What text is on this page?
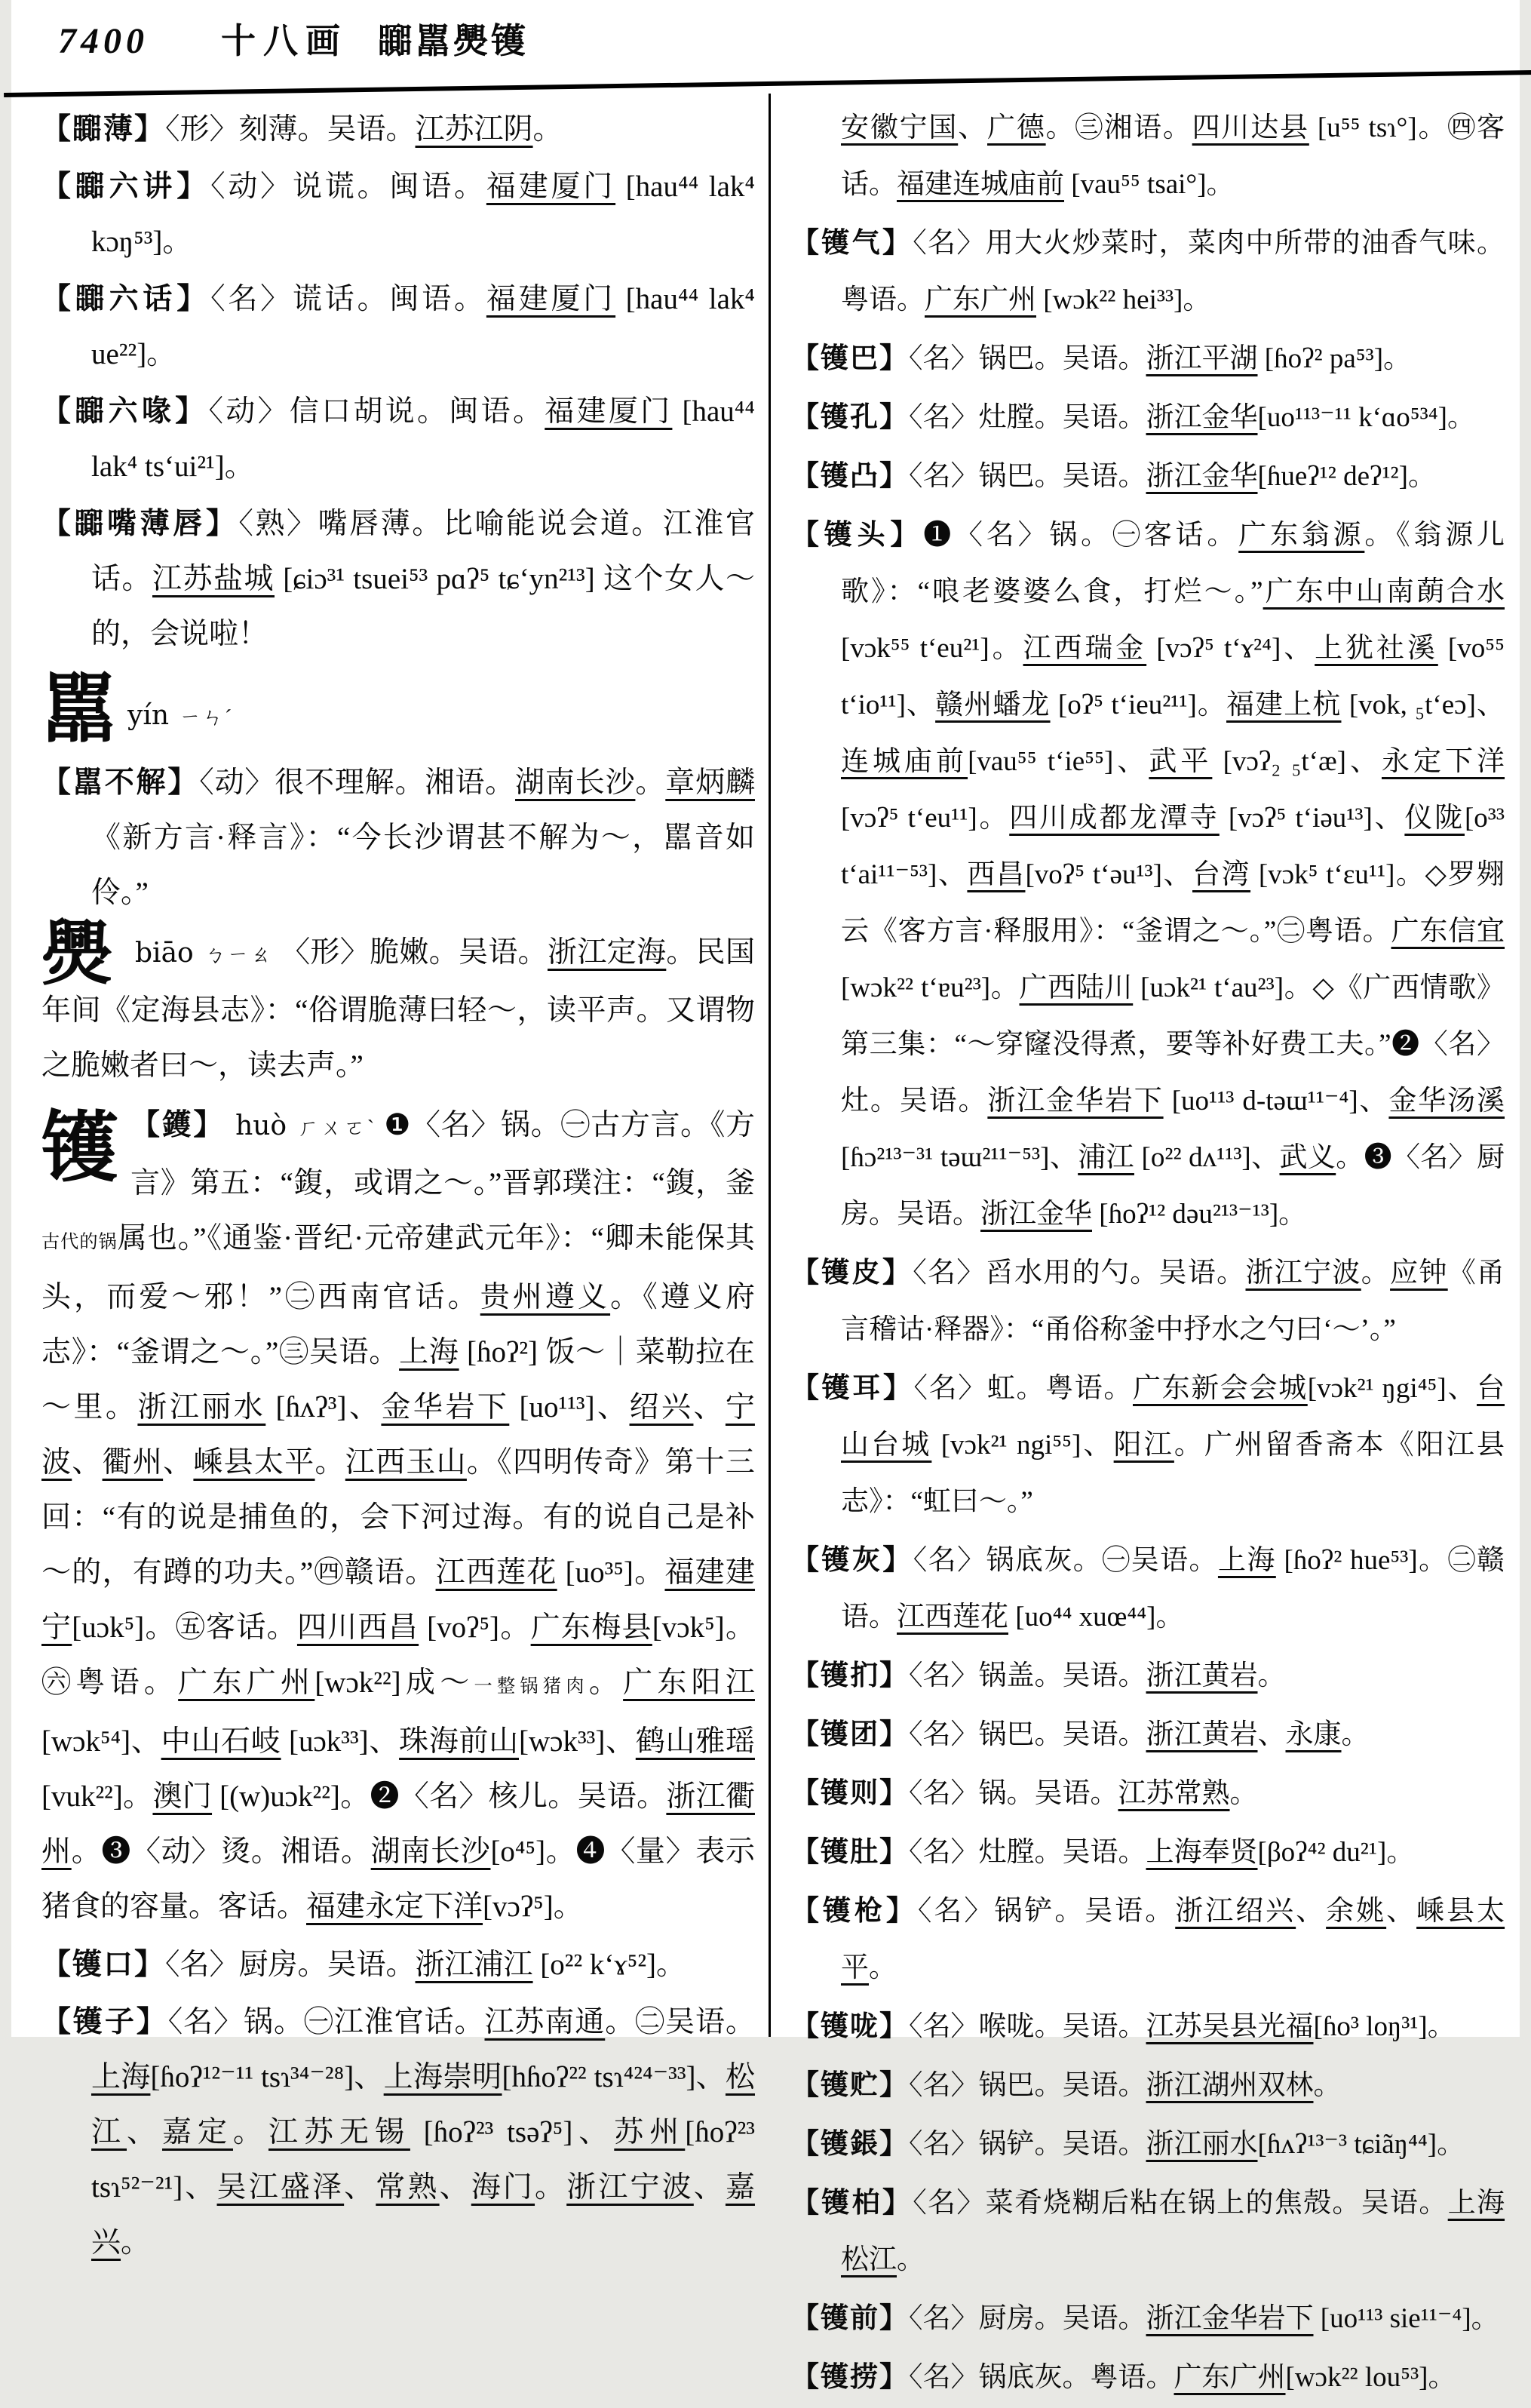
7400 十八画 嚻嚚爂镬
【嚻薄】〈形〉刻薄。吴语。江苏江阴。
【嚻六讲】〈动〉说谎。闽语。福建厦门 [hau⁴⁴ lak⁴ kɔŋ⁵³]。
【嚻六话】〈名〉谎话。闽语。福建厦门 [hau⁴⁴ lak⁴ ue²²]。
【嚻六喙】〈动〉信口胡说。闽语。福建厦门 [hau⁴⁴ lak⁴ tsʻui²¹]。
【嚻嘴薄唇】〈熟〉嘴唇薄。比喻能说会道。江淮官话。江苏盐城 [ɕiɔ³¹ tsuei⁵³ pɑʔ⁵ tɕʻyn²¹³] 这个女人～的，会说啦！
嚚yín ㄧㄣˊ
【嚚不解】〈动〉很不理解。湘语。湖南长沙。章炳麟《新方言·释言》：“今长沙谓甚不解为～，嚚音如伶。”
爂biāo ㄅㄧㄠ 〈形〉脆嫩。吴语。浙江定海。民国年间《定海县志》：“俗谓脆薄曰轻～，读平声。又谓物之脆嫩者曰～，读去声。”
镬 【鑊】 huò ㄏㄨㄛˋ ❶〈名〉锅。㊀古方言。《方言》第五：“鍑，或谓之～。”晋郭璞注：“鍑，釜古代的锅属也。”《通鉴·晋纪·元帝建武元年》：“卿未能保其头，而爱～邪！”㊁西南官话。贵州遵义。《遵义府志》：“釜谓之～。”㊂吴语。上海 [ɦoʔ²] 饭～｜菜勒拉在～里。浙江丽水 [ɦʌʔ³]、金华岩下 [uo¹¹³]、绍兴、宁波、衢州、嵊县太平。江西玉山。《四明传奇》第十三回：“有的说是捕鱼的，会下河过海。有的说自己是补～的，有蹲的功夫。”㊃赣语。江西莲花 [uo³⁵]。福建建宁[uɔk⁵]。㊄客话。四川西昌 [voʔ⁵]。广东梅县[vɔk⁵]。㊅粤语。广东广州[wɔk²²]成～一整锅猪肉。广东阳江 [wɔk⁵⁴]、中山石岐 [uɔk³³]、珠海前山[wɔk³³]、鹤山雅瑶[vuk²²]。澳门 [(w)uɔk²²]。❷〈名〉核儿。吴语。浙江衢州。❸〈动〉烫。湘语。湖南长沙[o⁴⁵]。❹〈量〉表示猪食的容量。客话。福建永定下洋[vɔʔ⁵]。
【镬口】〈名〉厨房。吴语。浙江浦江 [o²² kʻɤ⁵²]。
【镬子】〈名〉锅。㊀江淮官话。江苏南通。㊁吴语。上海[ɦoʔ¹²⁻¹¹ tsɿ³⁴⁻²⁸]、上海崇明[hɦoʔ²² tsɿ⁴²⁴⁻³³]、松江、嘉定。江苏无锡 [ɦoʔ²³ tsəʔ⁵]、苏州[ɦoʔ²³ tsɿ⁵²⁻²¹]、吴江盛泽、常熟、海门。浙江宁波、嘉兴。
安徽宁国、广德。㊂湘语。四川达县 [u⁵⁵ tsɿ°]。㊃客话。福建连城庙前 [vau⁵⁵ tsai°]。
【镬气】〈名〉用大火炒菜时，菜肉中所带的油香气味。粤语。广东广州 [wɔk²² hei³³]。
【镬巴】〈名〉锅巴。吴语。浙江平湖 [ɦoʔ² pa⁵³]。
【镬孔】〈名〉灶膛。吴语。浙江金华[uo¹¹³⁻¹¹ kʻɑo⁵³⁴]。
【镬凸】〈名〉锅巴。吴语。浙江金华[ɦueʔ¹² deʔ¹²]。
【镬头】❶〈名〉锅。㊀客话。广东翁源。《翁源儿歌》：“哴老婆婆么食，打烂～。”广东中山南蓢合水[vɔk⁵⁵ tʻeu²¹]。江西瑞金 [vɔʔ⁵ tʻɤ²⁴]、上犹社溪 [vo⁵⁵ tʻio¹¹]、赣州蟠龙 [oʔ⁵ tʻieu²¹¹]。福建上杭 [vok, ₅tʻeɔ]、连城庙前[vau⁵⁵ tʻie⁵⁵]、武平 [vɔʔ₂ ₅tʻæ]、永定下洋 [vɔʔ⁵ tʻeu¹¹]。四川成都龙潭寺 [vɔʔ⁵ tʻiəu¹³]、仪陇[o³³ tʻai¹¹⁻⁵³]、西昌[voʔ⁵ tʻəu¹³]、台湾 [vɔk⁵ tʻɛu¹¹]。◇罗翙云《客方言·释服用》：“釜谓之～。”㊁粤语。广东信宜 [wɔk²² tʻɐu²³]。广西陆川 [uɔk²¹ tʻau²³]。◇《广西情歌》第三集：“～穿窿没得煮，要等补好费工夫。”❷〈名〉灶。吴语。浙江金华岩下 [uo¹¹³ d-təɯ¹¹⁻⁴]、金华汤溪[ɦɔ²¹³⁻³¹ təɯ²¹¹⁻⁵³]、浦江 [o²² dʌ¹¹³]、武义。❸〈名〉厨房。吴语。浙江金华 [ɦoʔ¹² dəu²¹³⁻¹³]。
【镬皮】〈名〉舀水用的勺。吴语。浙江宁波。应钟《甬言稽诂·释器》：“甬俗称釜中抒水之勺曰‘～’。”
【镬耳】〈名〉虹。粤语。广东新会会城[vɔk²¹ ŋgi⁴⁵]、台山台城 [vɔk²¹ ngi⁵⁵]、阳江。广州留香斋本《阳江县志》：“虹曰～。”
【镬灰】〈名〉锅底灰。㊀吴语。上海 [ɦoʔ² hue⁵³]。㊁赣语。江西莲花 [uo⁴⁴ xuœ⁴⁴]。
【镬扪】〈名〉锅盖。吴语。浙江黄岩。
【镬团】〈名〉锅巴。吴语。浙江黄岩、永康。
【镬则】〈名〉锅。吴语。江苏常熟。
【镬肚】〈名〉灶膛。吴语。上海奉贤[βoʔ⁴² du²¹]。
【镬枪】〈名〉锅铲。吴语。浙江绍兴、余姚、嵊县太平。
【镬咙】〈名〉喉咙。吴语。江苏吴县光福[ɦo³ loŋ³¹]。
【镬贮】〈名〉锅巴。吴语。浙江湖州双林。
【镬鋹】〈名〉锅铲。吴语。浙江丽水[ɦʌʔ¹³⁻³ tɕiãŋ⁴⁴]。
【镬柏】〈名〉菜肴烧糊后粘在锅上的焦殻。吴语。上海松江。
【镬前】〈名〉厨房。吴语。浙江金华岩下 [uo¹¹³ sie¹¹⁻⁴]。
【镬捞】〈名〉锅底灰。粤语。广东广州[wɔk²² lou⁵³]。
